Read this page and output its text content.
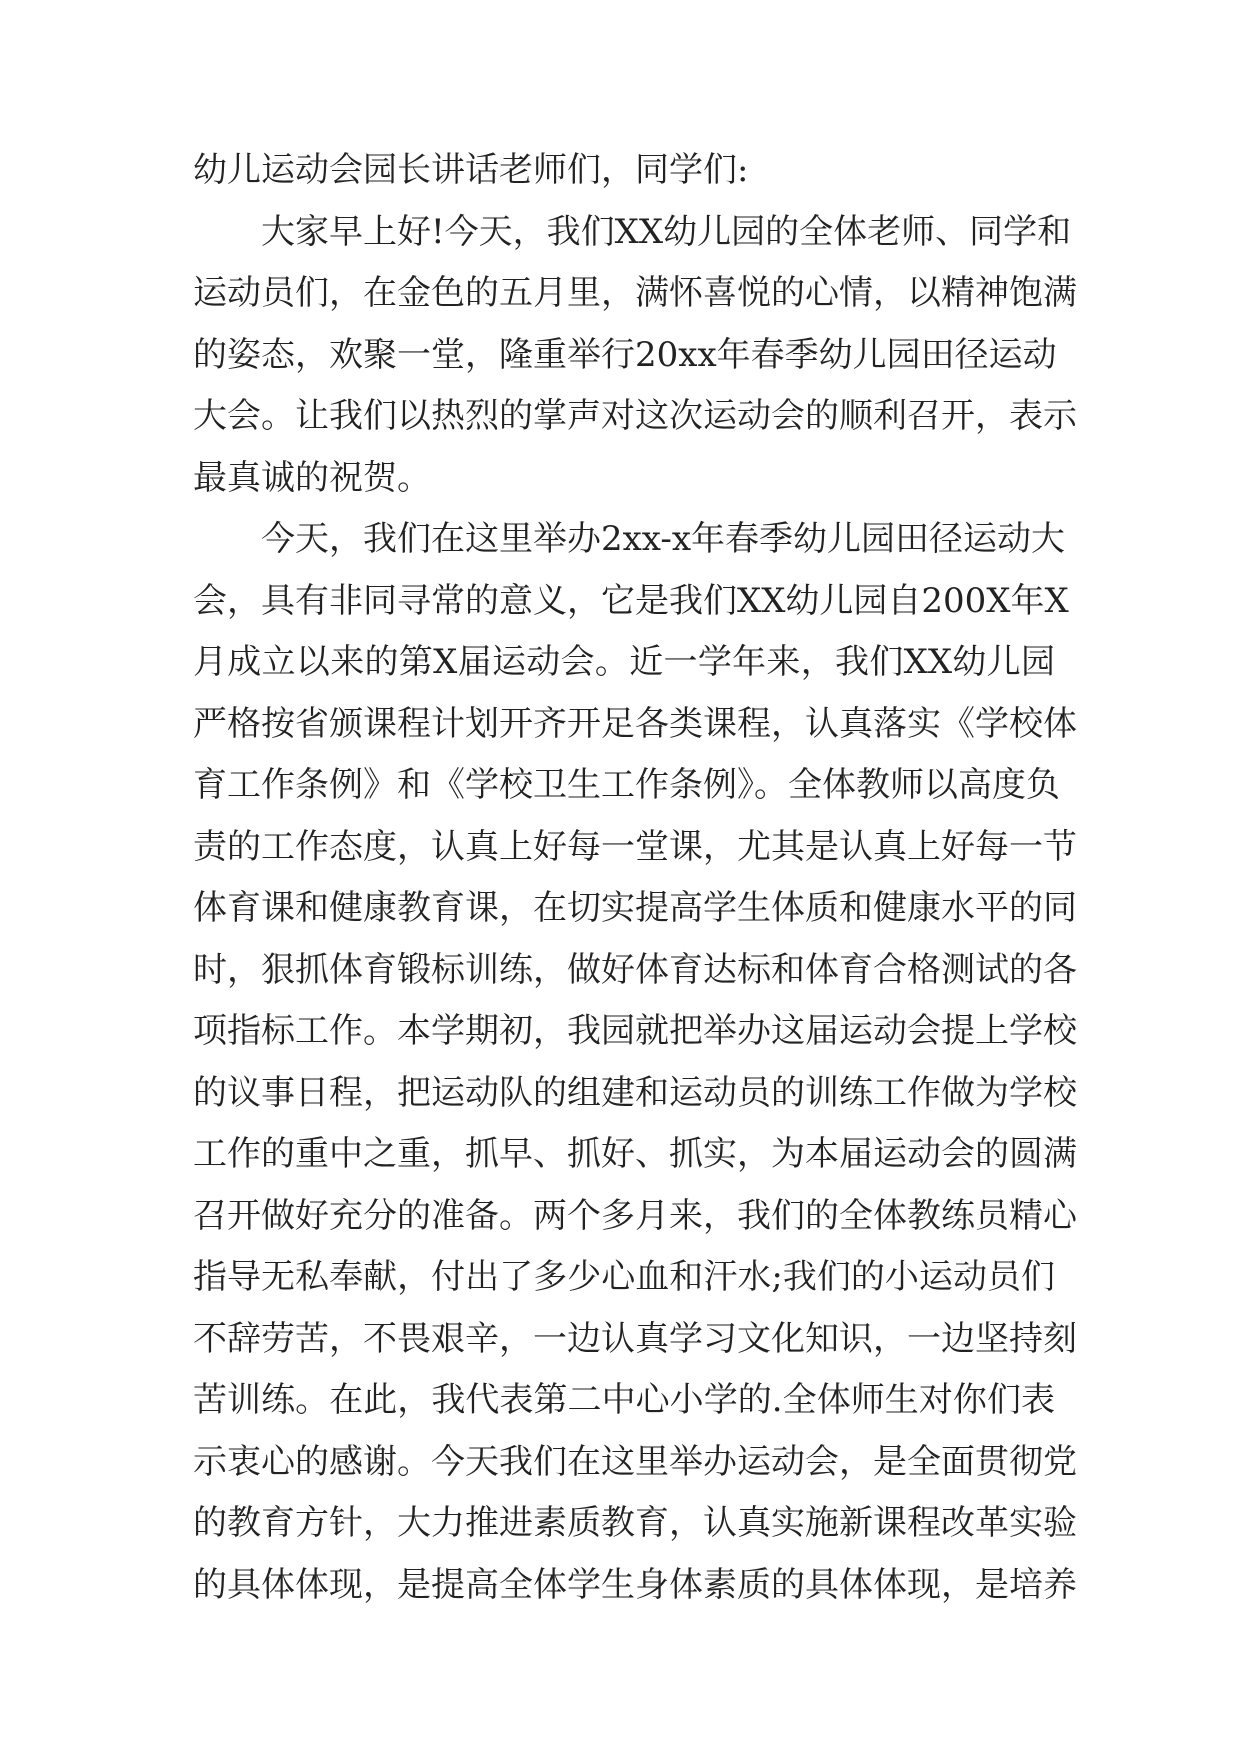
幼儿运动会园长讲话老师们，同学们:
大家早上好!今天，我们XX幼儿园的全体老师、同学和
运动员们，在金色的五月里，满怀喜悦的心情，以精神饱满
的姿态，欢聚一堂，隆重举行20xx年春季幼儿园田径运动
大会。让我们以热烈的掌声对这次运动会的顺利召开，表示
最真诚的祝贺。
今天，我们在这里举办2xx-x年春季幼儿园田径运动大
会，具有非同寻常的意义，它是我们XX幼儿园自200X年X
月成立以来的第X届运动会。近一学年来，我们XX幼儿园
严格按省颁课程计划开齐开足各类课程，认真落实《学校体
育工作条例》和《学校卫生工作条例》。全体教师以高度负
责的工作态度，认真上好每一堂课，尤其是认真上好每一节
体育课和健康教育课，在切实提高学生体质和健康水平的同
时，狠抓体育锻标训练，做好体育达标和体育合格测试的各
项指标工作。本学期初，我园就把举办这届运动会提上学校
的议事日程，把运动队的组建和运动员的训练工作做为学校
工作的重中之重，抓早、抓好、抓实，为本届运动会的圆满
召开做好充分的准备。两个多月来，我们的全体教练员精心
指导无私奉献，付出了多少心血和汗水;我们的小运动员们
不辞劳苦，不畏艰辛，一边认真学习文化知识，一边坚持刻
苦训练。在此，我代表第二中心小学的.全体师生对你们表
示衷心的感谢。今天我们在这里举办运动会，是全面贯彻党
的教育方针，大力推进素质教育，认真实施新课程改革实验
的具体体现，是提高全体学生身体素质的具体体现，是培养
